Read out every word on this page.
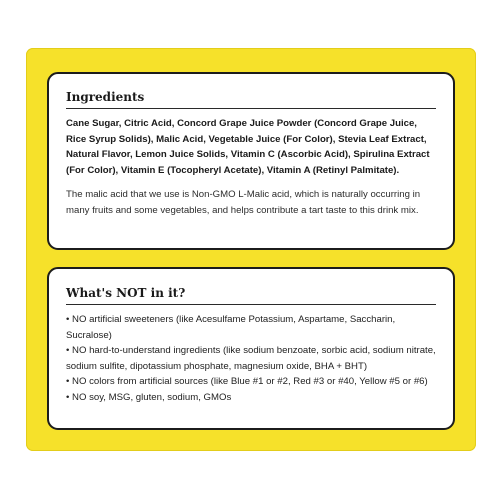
Ingredients

Cane Sugar, Citric Acid, Concord Grape Juice Powder (Concord Grape Juice, Rice Syrup Solids), Malic Acid, Vegetable Juice (For Color), Stevia Leaf Extract, Natural Flavor, Lemon Juice Solids, Vitamin C (Ascorbic Acid), Spirulina Extract (For Color), Vitamin E (Tocopheryl Acetate), Vitamin A (Retinyl Palmitate).

The malic acid that we use is Non-GMO L-Malic acid, which is naturally occurring in many fruits and some vegetables, and helps contribute a tart taste to this drink mix.

What's NOT in it?
• NO artificial sweeteners (like Acesulfame Potassium, Aspartame, Saccharin, Sucralose)
• NO hard-to-understand ingredients (like sodium benzoate, sorbic acid, sodium nitrate, sodium sulfite, dipotassium phosphate, magnesium oxide, BHA + BHT)
• NO colors from artificial sources (like Blue #1 or #2, Red #3 or #40, Yellow #5 or #6)
• NO soy, MSG, gluten, sodium, GMOs
